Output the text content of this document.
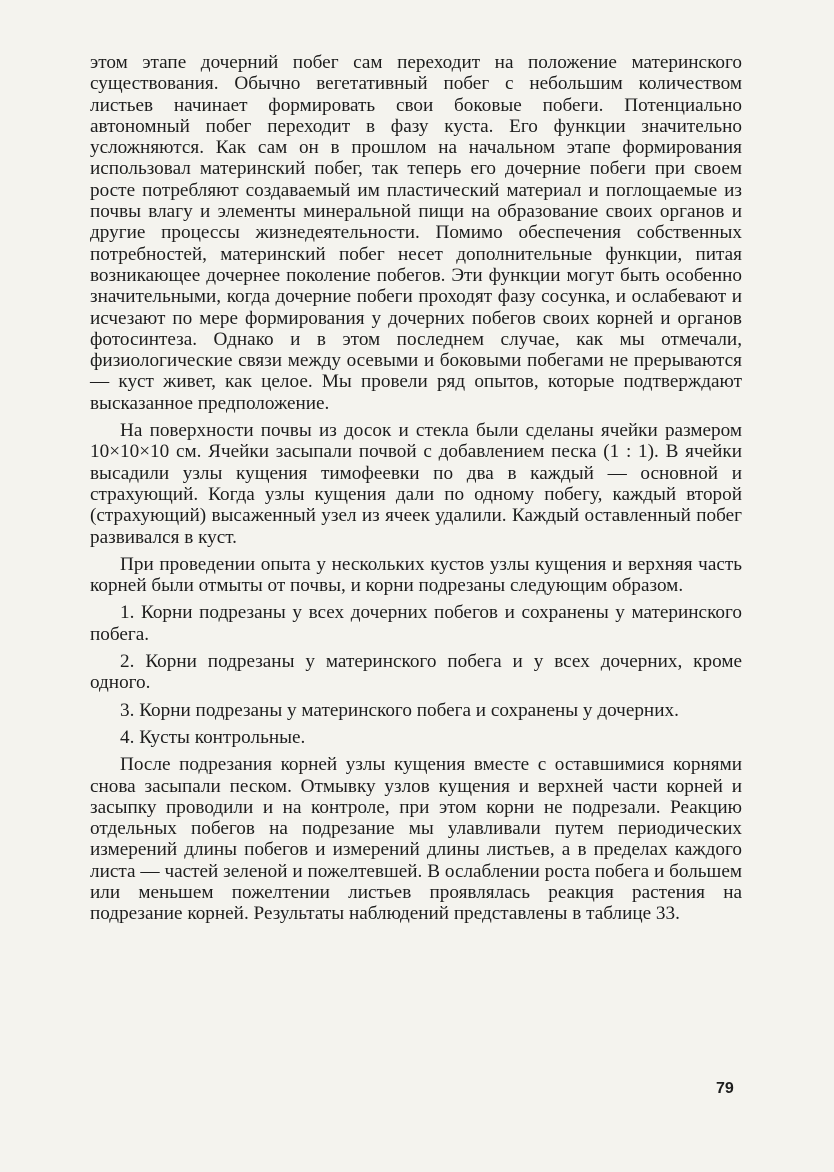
этом этапе дочерний побег сам переходит на положение материнского существования. Обычно вегетативный побег с небольшим количеством листьев начинает формировать свои боковые побеги. Потенциально автономный побег переходит в фазу куста. Его функции значительно усложняются. Как сам он в прошлом на начальном этапе формирования использовал материнский побег, так теперь его дочерние побеги при своем росте потребляют создаваемый им пластический материал и поглощаемые из почвы влагу и элементы минеральной пищи на образование своих органов и другие процессы жизнедеятельности. Помимо обеспечения собственных потребностей, материнский побег несет дополнительные функции, питая возникающее дочернее поколение побегов. Эти функции могут быть особенно значительными, когда дочерние побеги проходят фазу сосунка, и ослабевают и исчезают по мере формирования у дочерних побегов своих корней и органов фотосинтеза. Однако и в этом последнем случае, как мы отмечали, физиологические связи между осевыми и боковыми побегами не прерываются — куст живет, как целое. Мы провели ряд опытов, которые подтверждают высказанное предположение.

На поверхности почвы из досок и стекла были сделаны ячейки размером 10×10×10 см. Ячейки засыпали почвой с добавлением песка (1 : 1). В ячейки высадили узлы кущения тимофеевки по два в каждый — основной и страхующий. Когда узлы кущения дали по одному побегу, каждый второй (страхующий) высаженный узел из ячеек удалили. Каждый оставленный побег развивался в куст.

При проведении опыта у нескольких кустов узлы кущения и верхняя часть корней были отмыты от почвы, и корни подрезаны следующим образом.

1. Корни подрезаны у всех дочерних побегов и сохранены у материнского побега.

2. Корни подрезаны у материнского побега и у всех дочерних, кроме одного.

3. Корни подрезаны у материнского побега и сохранены у дочерних.

4. Кусты контрольные.

После подрезания корней узлы кущения вместе с оставшимися корнями снова засыпали песком. Отмывку узлов кущения и верхней части корней и засыпку проводили и на контроле, при этом корни не подрезали. Реакцию отдельных побегов на подрезание мы улавливали путем периодических измерений длины побегов и измерений длины листьев, а в пределах каждого листа — частей зеленой и пожелтевшей. В ослаблении роста побега и большем или меньшем пожелтении листьев проявлялась реакция растения на подрезание корней. Результаты наблюдений представлены в таблице 33.

79
